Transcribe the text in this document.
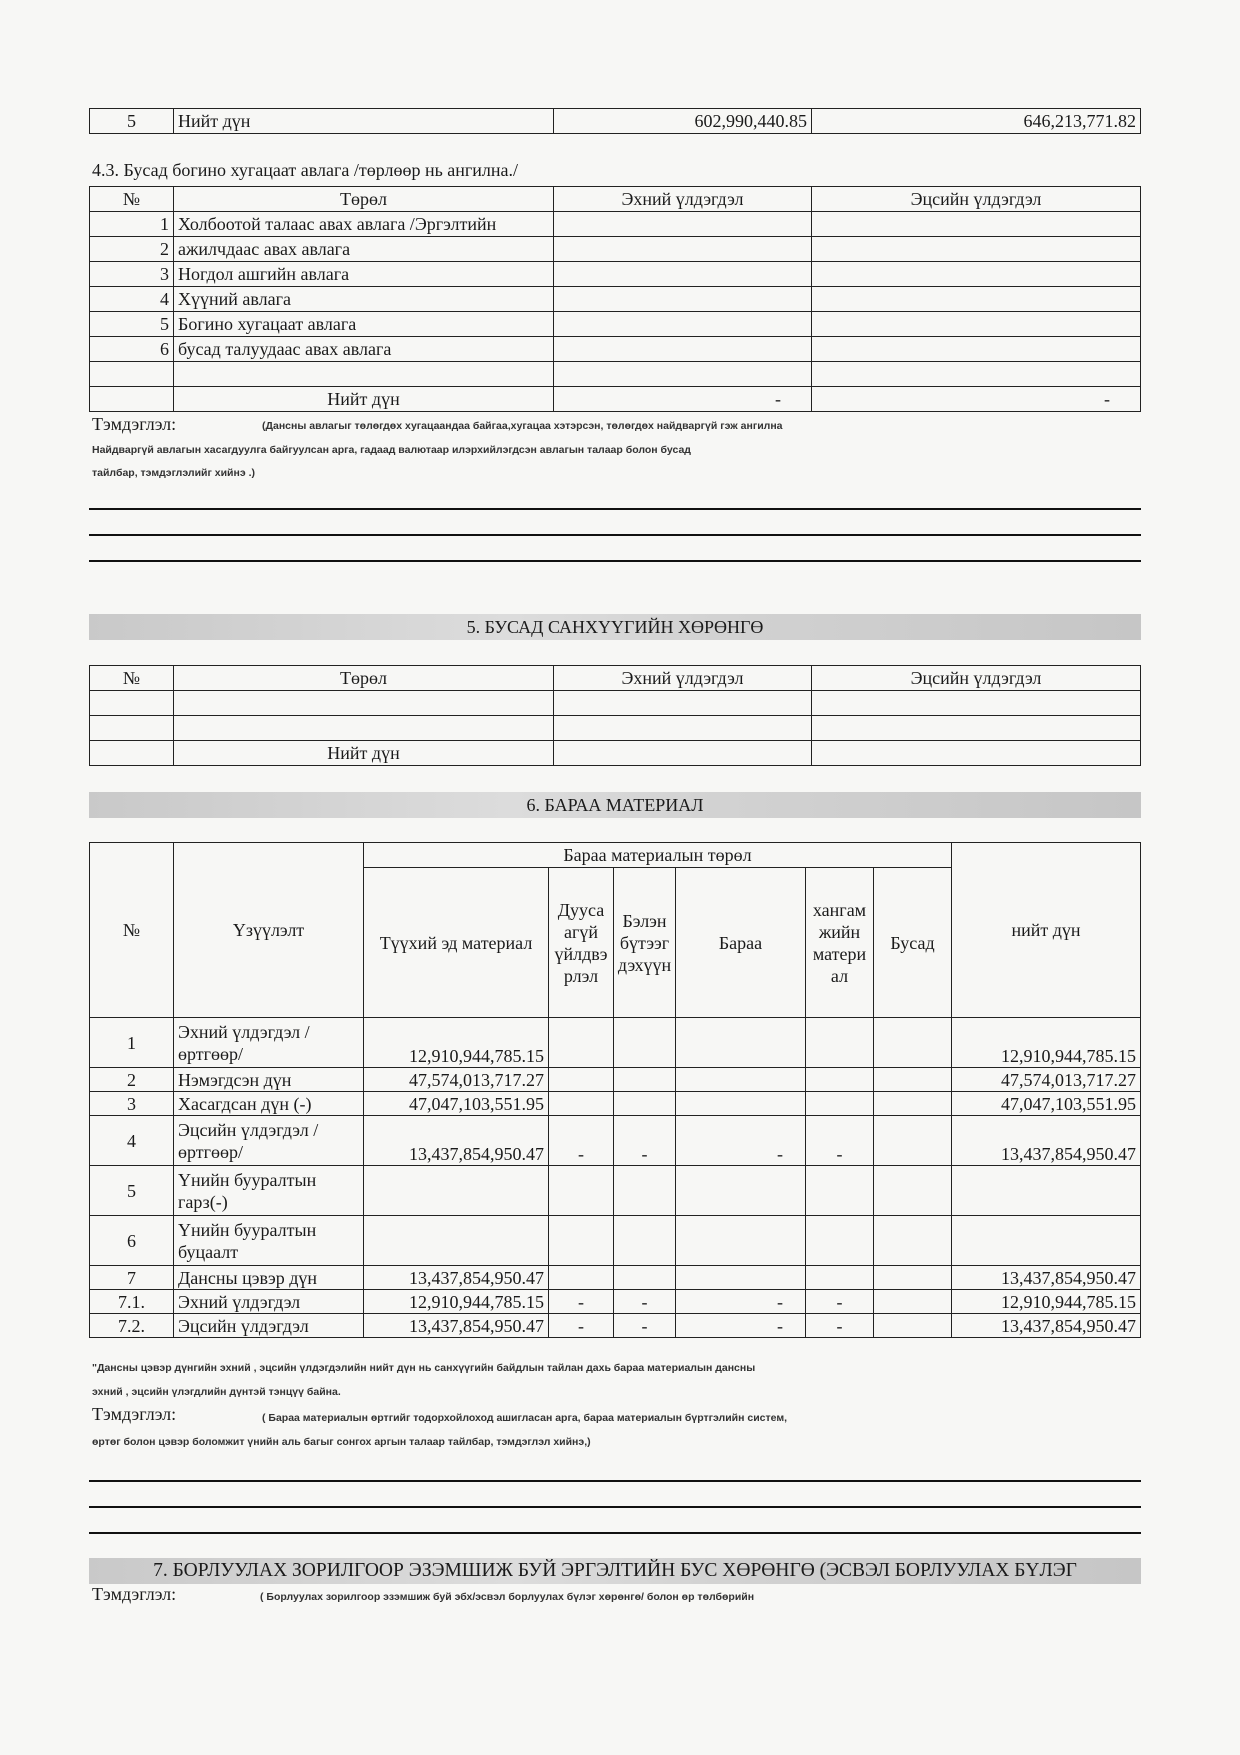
5	Нийт дүн	602,990,440.85	646,213,771.82
4.3. Бусад богино хугацаат авлага /төрлөөр нь ангилна./
№	Төрөл	Эхний үлдэгдэл	Эцсийн үлдэгдэл
1	Холбоотой талаас авах авлага /Эргэлтийн		
2	ажилчдаас авах авлага		
3	Ногдол ашгийн авлага		
4	Хүүний авлага		
5	Богино хугацаат авлага		
6	бусад талуудаас авах авлага		

	Нийт дүн	-	-
Тэмдэглэл:	(Дансны авлагыг төлөгдөх хугацаандаа байгаа,хугацаа хэтэрсэн, төлөгдөх найдваргүй гэж ангилна
Найдваргүй авлагын хасагдуулга байгуулсан арга, гадаад валютаар илэрхийлэгдсэн авлагын талаар болон бусад
тайлбар, тэмдэглэлийг хийнэ .)
5. БУСАД САНХҮҮГИЙН ХӨРӨНГӨ
№	Төрөл	Эхний үлдэгдэл	Эцсийн үлдэгдэл

	Нийт дүн		
6. БАРАА МАТЕРИАЛ
№	Үзүүлэлт	Бараа материалын төрөл						нийт дүн
		Түүхий эд материал	Дууса агүй үйлдвэ рлэл	Бэлэн бүтээг дэхүүн	Бараа	хангам жийн матери ал	Бусад	
1	Эхний үлдэгдэл /өртгөөр/	12,910,944,785.15						12,910,944,785.15
2	Нэмэгдсэн дүн	47,574,013,717.27						47,574,013,717.27
3	Хасагдсан дүн (-)	47,047,103,551.95						47,047,103,551.95
4	Эцсийн үлдэгдэл /өртгөөр/	13,437,854,950.47	-	-	-	-		13,437,854,950.47
5	Үнийн бууралтын гарз(-)							
6	Үнийн бууралтын буцаалт							
7	Дансны цэвэр дүн	13,437,854,950.47						13,437,854,950.47
7.1.	Эхний үлдэгдэл	12,910,944,785.15	-	-	-	-		12,910,944,785.15
7.2.	Эцсийн үлдэгдэл	13,437,854,950.47	-	-	-	-		13,437,854,950.47
"Дансны цэвэр дүнгийн эхний , эцсийн үлдэгдэлийн нийт дүн нь санхүүгийн байдлын тайлан дахь бараа материалын дансны
эхний , эцсийн үлэгдлийн дүнтэй тэнцүү байна.
Тэмдэглэл:	( Бараа материалын өртгийг тодорхойлоход ашигласан арга, бараа материалын бүртгэлийн систем,
өртөг болон цэвэр боломжит үнийн аль багыг сонгох аргын талаар тайлбар, тэмдэглэл хийнэ,)
7. БОРЛУУЛАХ ЗОРИЛГООР ЭЗЭМШИЖ БУЙ ЭРГЭЛТИЙН БУС ХӨРӨНГӨ (ЭСВЭЛ БОРЛУУЛАХ БҮЛЭГ
Тэмдэглэл:	( Борлуулах зорилгоор эзэмшиж буй эбх/эсвэл борлуулах бүлэг хөрөнгө/ болон өр төлбөрийн
